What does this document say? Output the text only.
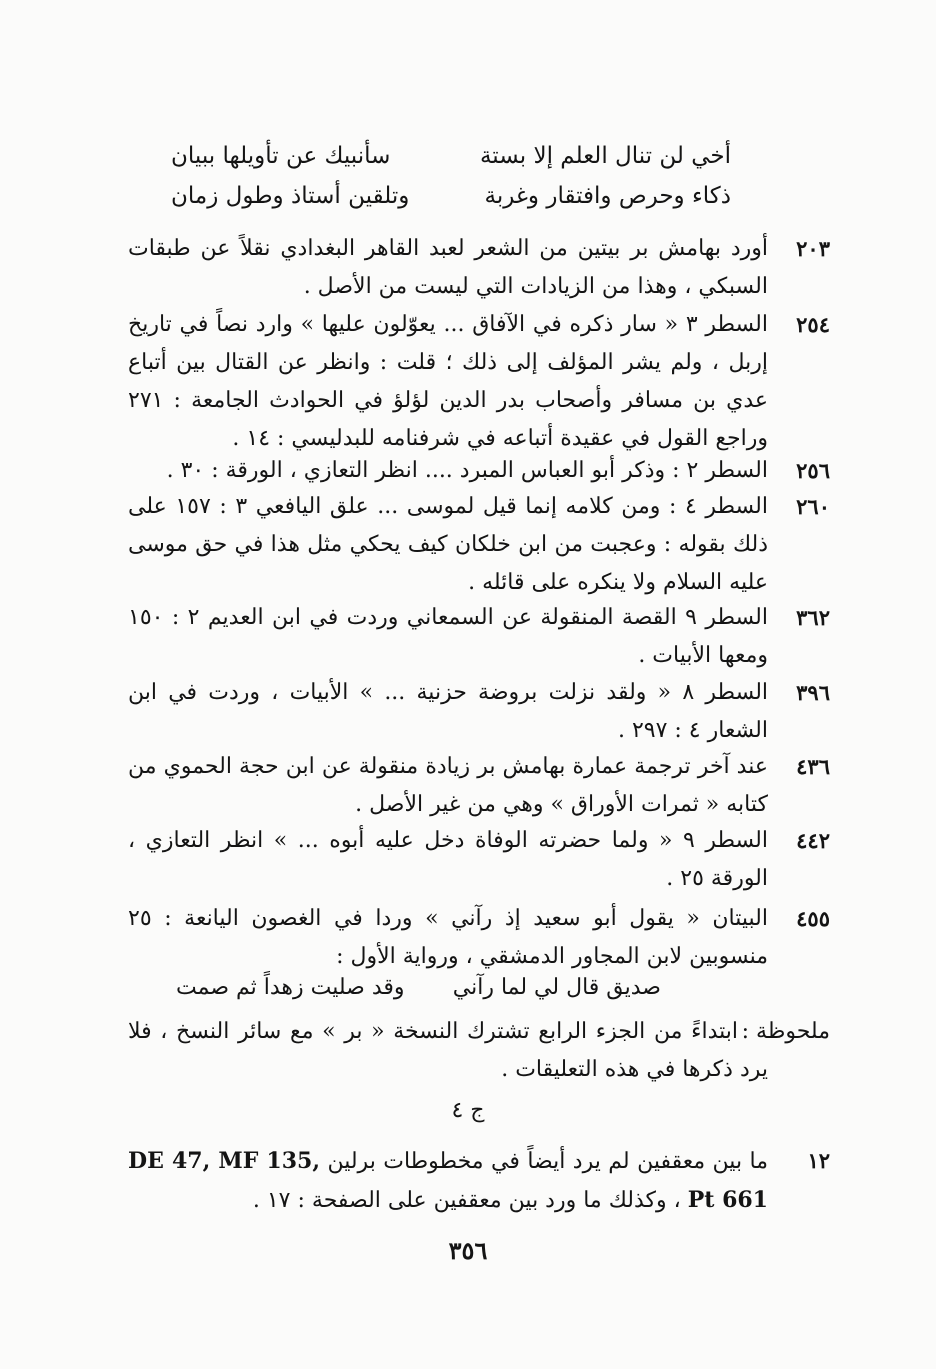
أخي لن تنال العلم إلا بستة
سأنبيك عن تأويلها ببيان
ذكاء وحرص وافتقار وغربة
وتلقين أستاذ وطول زمان
٢٠٣
أورد بهامش بر بيتين من الشعر لعبد القاهر البغدادي نقلاً عن طبقات السبكي ، وهذا من الزيادات التي ليست من الأصل .
٢٥٤
السطر ٣ « سار ذكره في الآفاق ... يعوّلون عليها » وارد نصاً في تاريخ إربل ، ولم يشر المؤلف إلى ذلك ؛ قلت : وانظر عن القتال بين أتباع عدي بن مسافر وأصحاب بدر الدين لؤلؤ في الحوادث الجامعة : ٢٧١ وراجع القول في عقيدة أتباعه في شرفنامه للبدليسي : ١٤ .
٢٥٦
السطر ٢ : وذكر أبو العباس المبرد .... انظر التعازي ، الورقة : ٣٠ .
٢٦٠
السطر ٤ : ومن كلامه إنما قيل لموسى ... علق اليافعي ٣ : ١٥٧ على ذلك بقوله : وعجبت من ابن خلكان كيف يحكي مثل هذا في حق موسى عليه السلام ولا ينكره على قائله .
٣٦٢
السطر ٩ القصة المنقولة عن السمعاني وردت في ابن العديم ٢ : ١٥٠ ومعها الأبيات .
٣٩٦
السطر ٨ « ولقد نزلت بروضة حزنية ... » الأبيات ، وردت في ابن الشعار ٤ : ٢٩٧ .
٤٣٦
عند آخر ترجمة عمارة بهامش بر زيادة منقولة عن ابن حجة الحموي من كتابه « ثمرات الأوراق » وهي من غير الأصل .
٤٤٢
السطر ٩ « ولما حضرته الوفاة دخل عليه أبوه ... » انظر التعازي ، الورقة ٢٥ .
٤٥٥
البيتان « يقول أبو سعيد إذ رآني » وردا في الغصون اليانعة : ٢٥ منسوبين لابن المجاور الدمشقي ، ورواية الأول :
صديق قال لي لما رآني
وقد صليت زهداً ثم صمت
ملحوظة :
ابتداءً من الجزء الرابع تشترك النسخة « بر » مع سائر النسخ ، فلا يرد ذكرها في هذه التعليقات .
ج ٤
١٢
ما بين معقفين لم يرد أيضاً في مخطوطات برلين DE 47, MF 135, Pt 661 ، وكذلك ما ورد بين معقفين على الصفحة : ١٧ .
٣٥٦
